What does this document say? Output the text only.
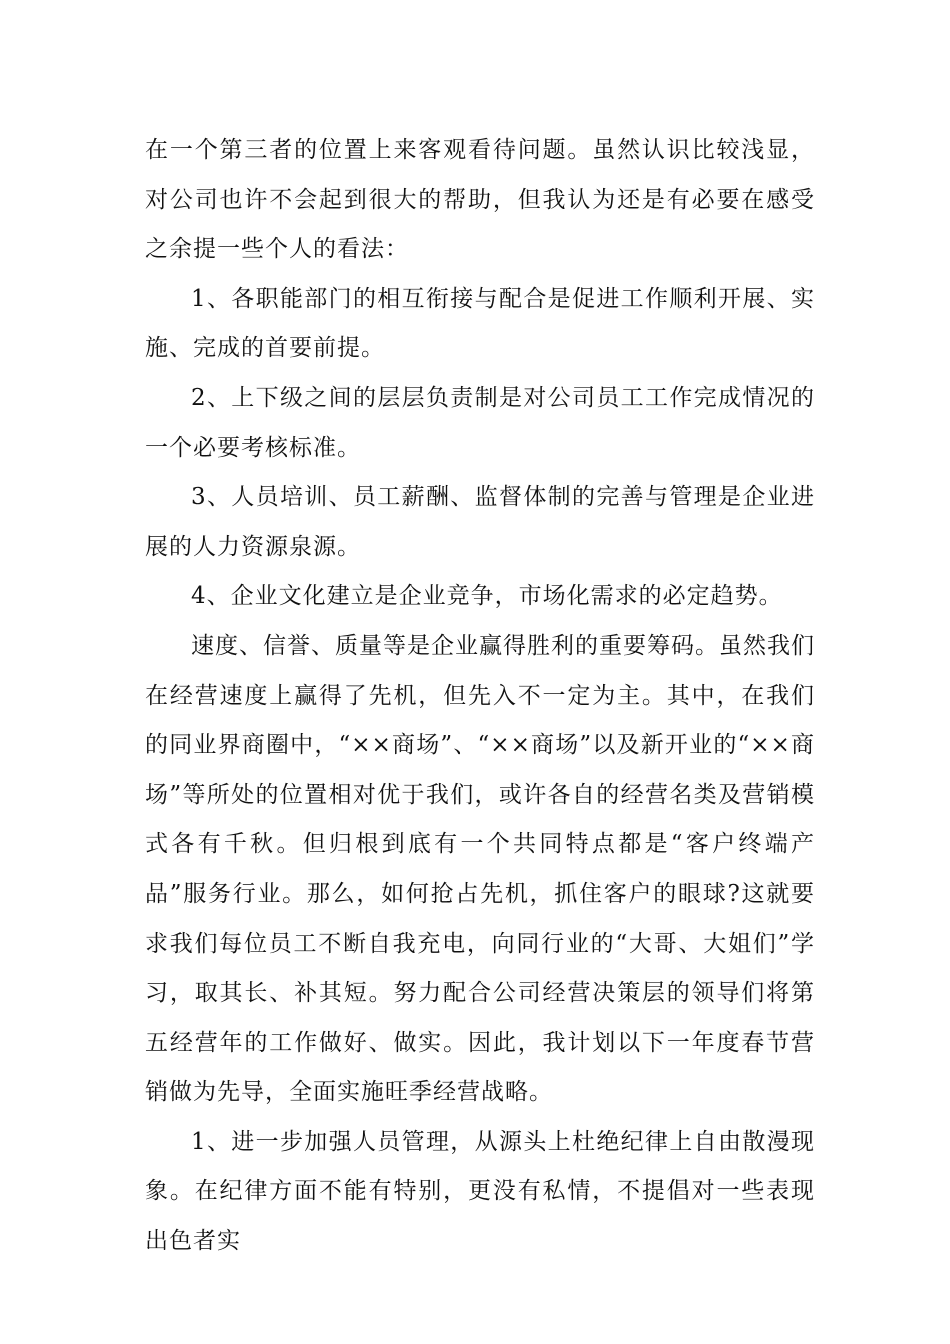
在一个第三者的位置上来客观看待问题。虽然认识比较浅显，对公司也许不会起到很大的帮助，但我认为还是有必要在感受之余提一些个人的看法：

1、各职能部门的相互衔接与配合是促进工作顺利开展、实施、完成的首要前提。

2、上下级之间的层层负责制是对公司员工工作完成情况的一个必要考核标准。

3、人员培训、员工薪酬、监督体制的完善与管理是企业进展的人力资源泉源。

4、企业文化建立是企业竞争，市场化需求的必定趋势。

速度、信誉、质量等是企业赢得胜利的重要筹码。虽然我们在经营速度上赢得了先机，但先入不一定为主。其中，在我们的同业界商圈中，“××商场”、“××商场”以及新开业的“××商场”等所处的位置相对优于我们，或许各自的经营名类及营销模式各有千秋。但归根到底有一个共同特点都是“客户终端产品”服务行业。那么，如何抢占先机，抓住客户的眼球?这就要求我们每位员工不断自我充电，向同行业的“大哥、大姐们”学习，取其长、补其短。努力配合公司经营决策层的领导们将第五经营年的工作做好、做实。因此，我计划以下一年度春节营销做为先导，全面实施旺季经营战略。

1、进一步加强人员管理，从源头上杜绝纪律上自由散漫现象。在纪律方面不能有特别，更没有私情，不提倡对一些表现出色者实
